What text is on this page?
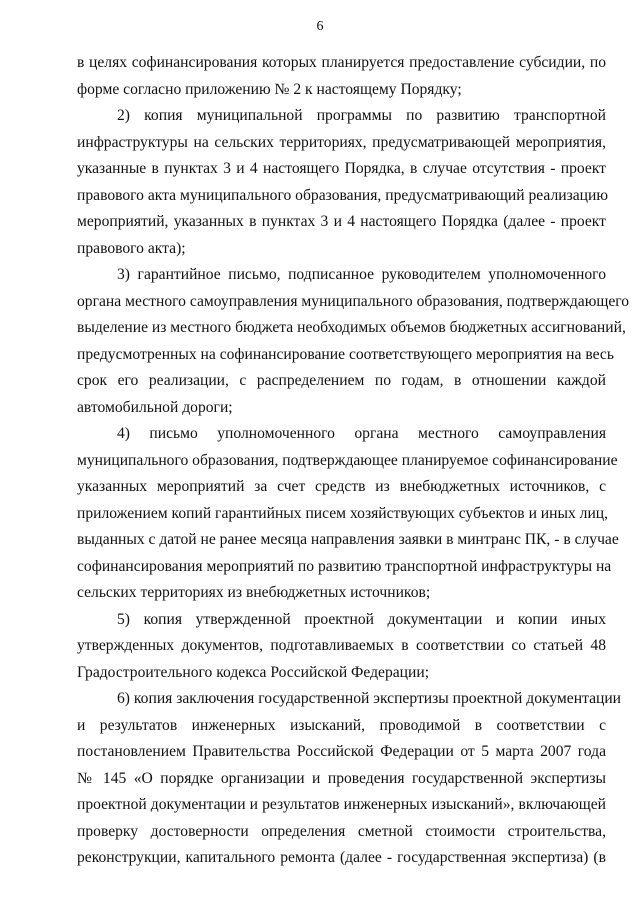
6

в целях софинансирования которых планируется предоставление субсидии, по
форме согласно приложению № 2 к настоящему Порядку;

2) копия муниципальной программы по развитию транспортной
инфраструктуры на сельских территориях, предусматривающей мероприятия,
указанные в пунктах 3 и 4 настоящего Порядка, в случае отсутствия - проект
правового акта муниципального образования, предусматривающий реализацию
мероприятий, указанных в пунктах 3 и 4 настоящего Порядка (далее - проект
правового акта);

3) гарантийное письмо, подписанное руководителем уполномоченного
органа местного самоуправления муниципального образования, подтверждающего
выделение из местного бюджета необходимых объемов бюджетных ассигнований,
предусмотренных на софинансирование соответствующего мероприятия на весь
срок его реализации, с распределением по годам, в отношении каждой
автомобильной дороги;

4) письмо уполномоченного органа местного самоуправления
муниципального образования, подтверждающее планируемое софинансирование
указанных мероприятий за счет средств из внебюджетных источников, с
приложением копий гарантийных писем хозяйствующих субъектов и иных лиц,
выданных с датой не ранее месяца направления заявки в минтранс ПК, - в случае
софинансирования мероприятий по развитию транспортной инфраструктуры на
сельских территориях из внебюджетных источников;

5) копия утвержденной проектной документации и копии иных
утвержденных документов, подготавливаемых в соответствии со статьей 48
Градостроительного кодекса Российской Федерации;

6) копия заключения государственной экспертизы проектной документации
и результатов инженерных изысканий, проводимой в соответствии с
постановлением Правительства Российской Федерации от 5 марта 2007 года
№ 145 «О порядке организации и проведения государственной экспертизы
проектной документации и результатов инженерных изысканий», включающей
проверку достоверности определения сметной стоимости строительства,
реконструкции, капитального ремонта (далее - государственная экспертиза) (в
